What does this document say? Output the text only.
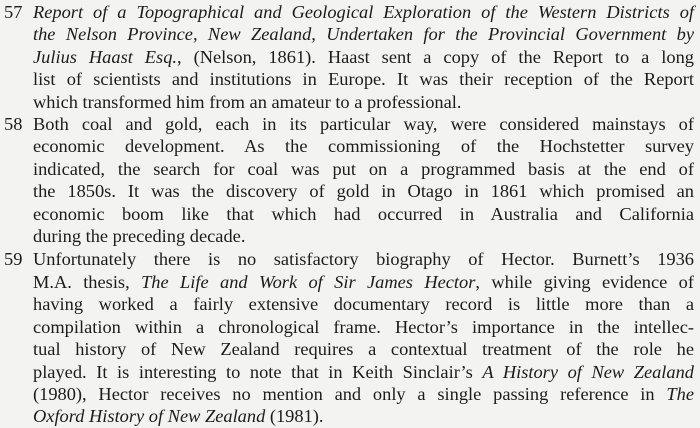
57 Report of a Topographical and Geological Exploration of the Western Districts of
the Nelson Province, New Zealand, Undertaken for the Provincial Government by
Julius Haast Esq., (Nelson, 1861). Haast sent a copy of the Report to a long
list of scientists and institutions in Europe. It was their reception of the Report
which transformed him from an amateur to a professional.
58 Both coal and gold, each in its particular way, were considered mainstays of
economic development. As the commissioning of the Hochstetter survey
indicated, the search for coal was put on a programmed basis at the end of
the 1850s. It was the discovery of gold in Otago in 1861 which promised an
economic boom like that which had occurred in Australia and California
during the preceding decade.
59 Unfortunately there is no satisfactory biography of Hector. Burnett’s 1936
M.A. thesis, The Life and Work of Sir James Hector, while giving evidence of
having worked a fairly extensive documentary record is little more than a
compilation within a chronological frame. Hector’s importance in the intellec-
tual history of New Zealand requires a contextual treatment of the role he
played. It is interesting to note that in Keith Sinclair’s A History of New Zealand
(1980), Hector receives no mention and only a single passing reference in The
Oxford History of New Zealand (1981).
